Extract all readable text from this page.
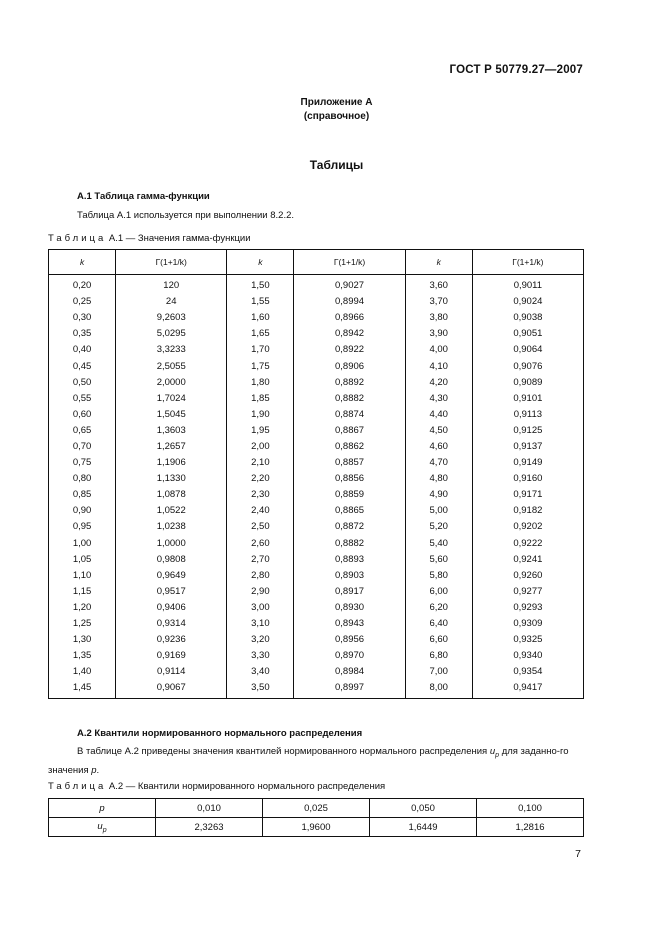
ГОСТ Р 50779.27—2007
Приложение А
(справочное)
Таблицы
А.1 Таблица гамма-функции
Таблица А.1 используется при выполнении 8.2.2.
Таблица А.1 — Значения гамма-функции
k	Г(1+1/k)	k	Г(1+1/k)	k	Г(1+1/k)
0,20	120	1,50	0,9027	3,60	0,9011
0,25	24	1,55	0,8994	3,70	0,9024
0,30	9,2603	1,60	0,8966	3,80	0,9038
0,35	5,0295	1,65	0,8942	3,90	0,9051
0,40	3,3233	1,70	0,8922	4,00	0,9064
0,45	2,5055	1,75	0,8906	4,10	0,9076
0,50	2,0000	1,80	0,8892	4,20	0,9089
0,55	1,7024	1,85	0,8882	4,30	0,9101
0,60	1,5045	1,90	0,8874	4,40	0,9113
0,65	1,3603	1,95	0,8867	4,50	0,9125
0,70	1,2657	2,00	0,8862	4,60	0,9137
0,75	1,1906	2,10	0,8857	4,70	0,9149
0,80	1,1330	2,20	0,8856	4,80	0,9160
0,85	1,0878	2,30	0,8859	4,90	0,9171
0,90	1,0522	2,40	0,8865	5,00	0,9182
0,95	1,0238	2,50	0,8872	5,20	0,9202
1,00	1,0000	2,60	0,8882	5,40	0,9222
1,05	0,9808	2,70	0,8893	5,60	0,9241
1,10	0,9649	2,80	0,8903	5,80	0,9260
1,15	0,9517	2,90	0,8917	6,00	0,9277
1,20	0,9406	3,00	0,8930	6,20	0,9293
1,25	0,9314	3,10	0,8943	6,40	0,9309
1,30	0,9236	3,20	0,8956	6,60	0,9325
1,35	0,9169	3,30	0,8970	6,80	0,9340
1,40	0,9114	3,40	0,8984	7,00	0,9354
1,45	0,9067	3,50	0,8997	8,00	0,9417
А.2 Квантили нормированного нормального распределения
В таблице А.2 приведены значения квантилей нормированного нормального распределения $u_p$ для заданно-го значения p.
Таблица А.2 — Квантили нормированного нормального распределения
p	0,010	0,025	0,050	0,100
$u_p$	2,3263	1,9600	1,6449	1,2816
7
